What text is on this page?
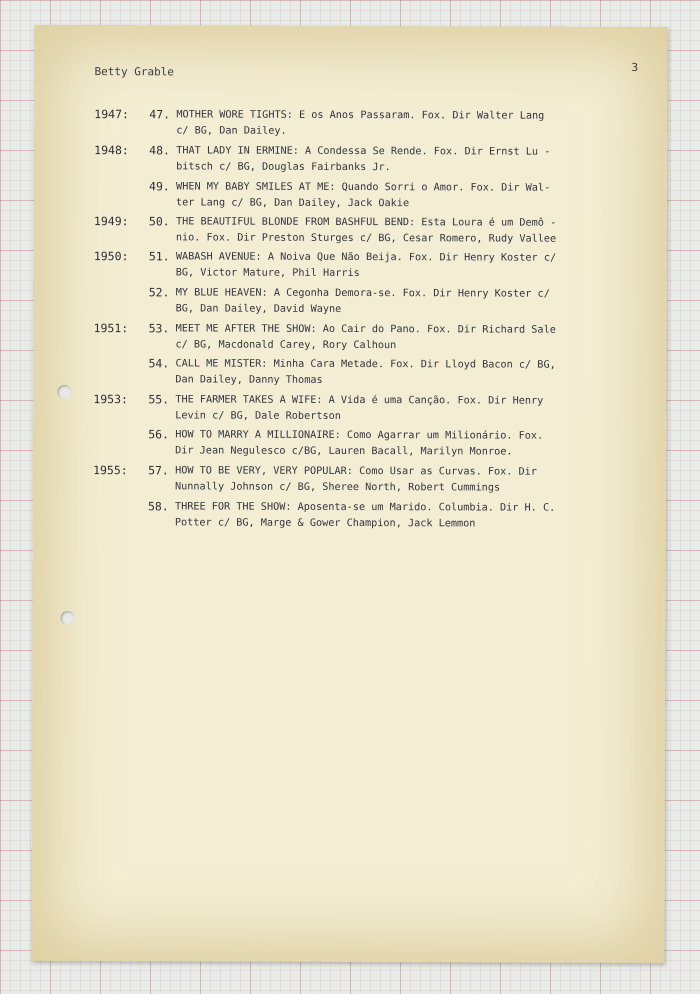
Betty Grable	3
1947: 47. MOTHER WORE TIGHTS: E os Anos Passaram. Fox. Dir Walter Lang
c/ BG, Dan Dailey.
1948: 48. THAT LADY IN ERMINE: A Condessa Se Rende. Fox. Dir Ernst Lu -
bitsch c/ BG, Douglas Fairbanks Jr.
49. WHEN MY BABY SMILES AT ME: Quando Sorri o Amor. Fox. Dir Wal-
ter Lang c/ BG, Dan Dailey, Jack Oakie
1949: 50. THE BEAUTIFUL BLONDE FROM BASHFUL BEND: Esta Loura é um Demô -
nio. Fox. Dir Preston Sturges c/ BG, Cesar Romero, Rudy Vallee
1950: 51. WABASH AVENUE: A Noiva Que Não Beija. Fox. Dir Henry Koster c/
BG, Victor Mature, Phil Harris
52. MY BLUE HEAVEN: A Cegonha Demora-se. Fox. Dir Henry Koster c/
BG, Dan Dailey, David Wayne
1951: 53. MEET ME AFTER THE SHOW: Ao Cair do Pano. Fox. Dir Richard Sale
c/ BG, Macdonald Carey, Rory Calhoun
54. CALL ME MISTER: Minha Cara Metade. Fox. Dir Lloyd Bacon c/ BG,
Dan Dailey, Danny Thomas
1953: 55. THE FARMER TAKES A WIFE: A Vida é uma Canção. Fox. Dir Henry
Levin c/ BG, Dale Robertson
56. HOW TO MARRY A MILLIONAIRE: Como Agarrar um Milionário. Fox.
Dir Jean Negulesco c/BG, Lauren Bacall, Marilyn Monroe.
1955: 57. HOW TO BE VERY, VERY POPULAR: Como Usar as Curvas. Fox. Dir
Nunnally Johnson c/ BG, Sheree North, Robert Cummings
58. THREE FOR THE SHOW: Aposenta-se um Marido. Columbia. Dir H. C.
Potter c/ BG, Marge & Gower Champion, Jack Lemmon
